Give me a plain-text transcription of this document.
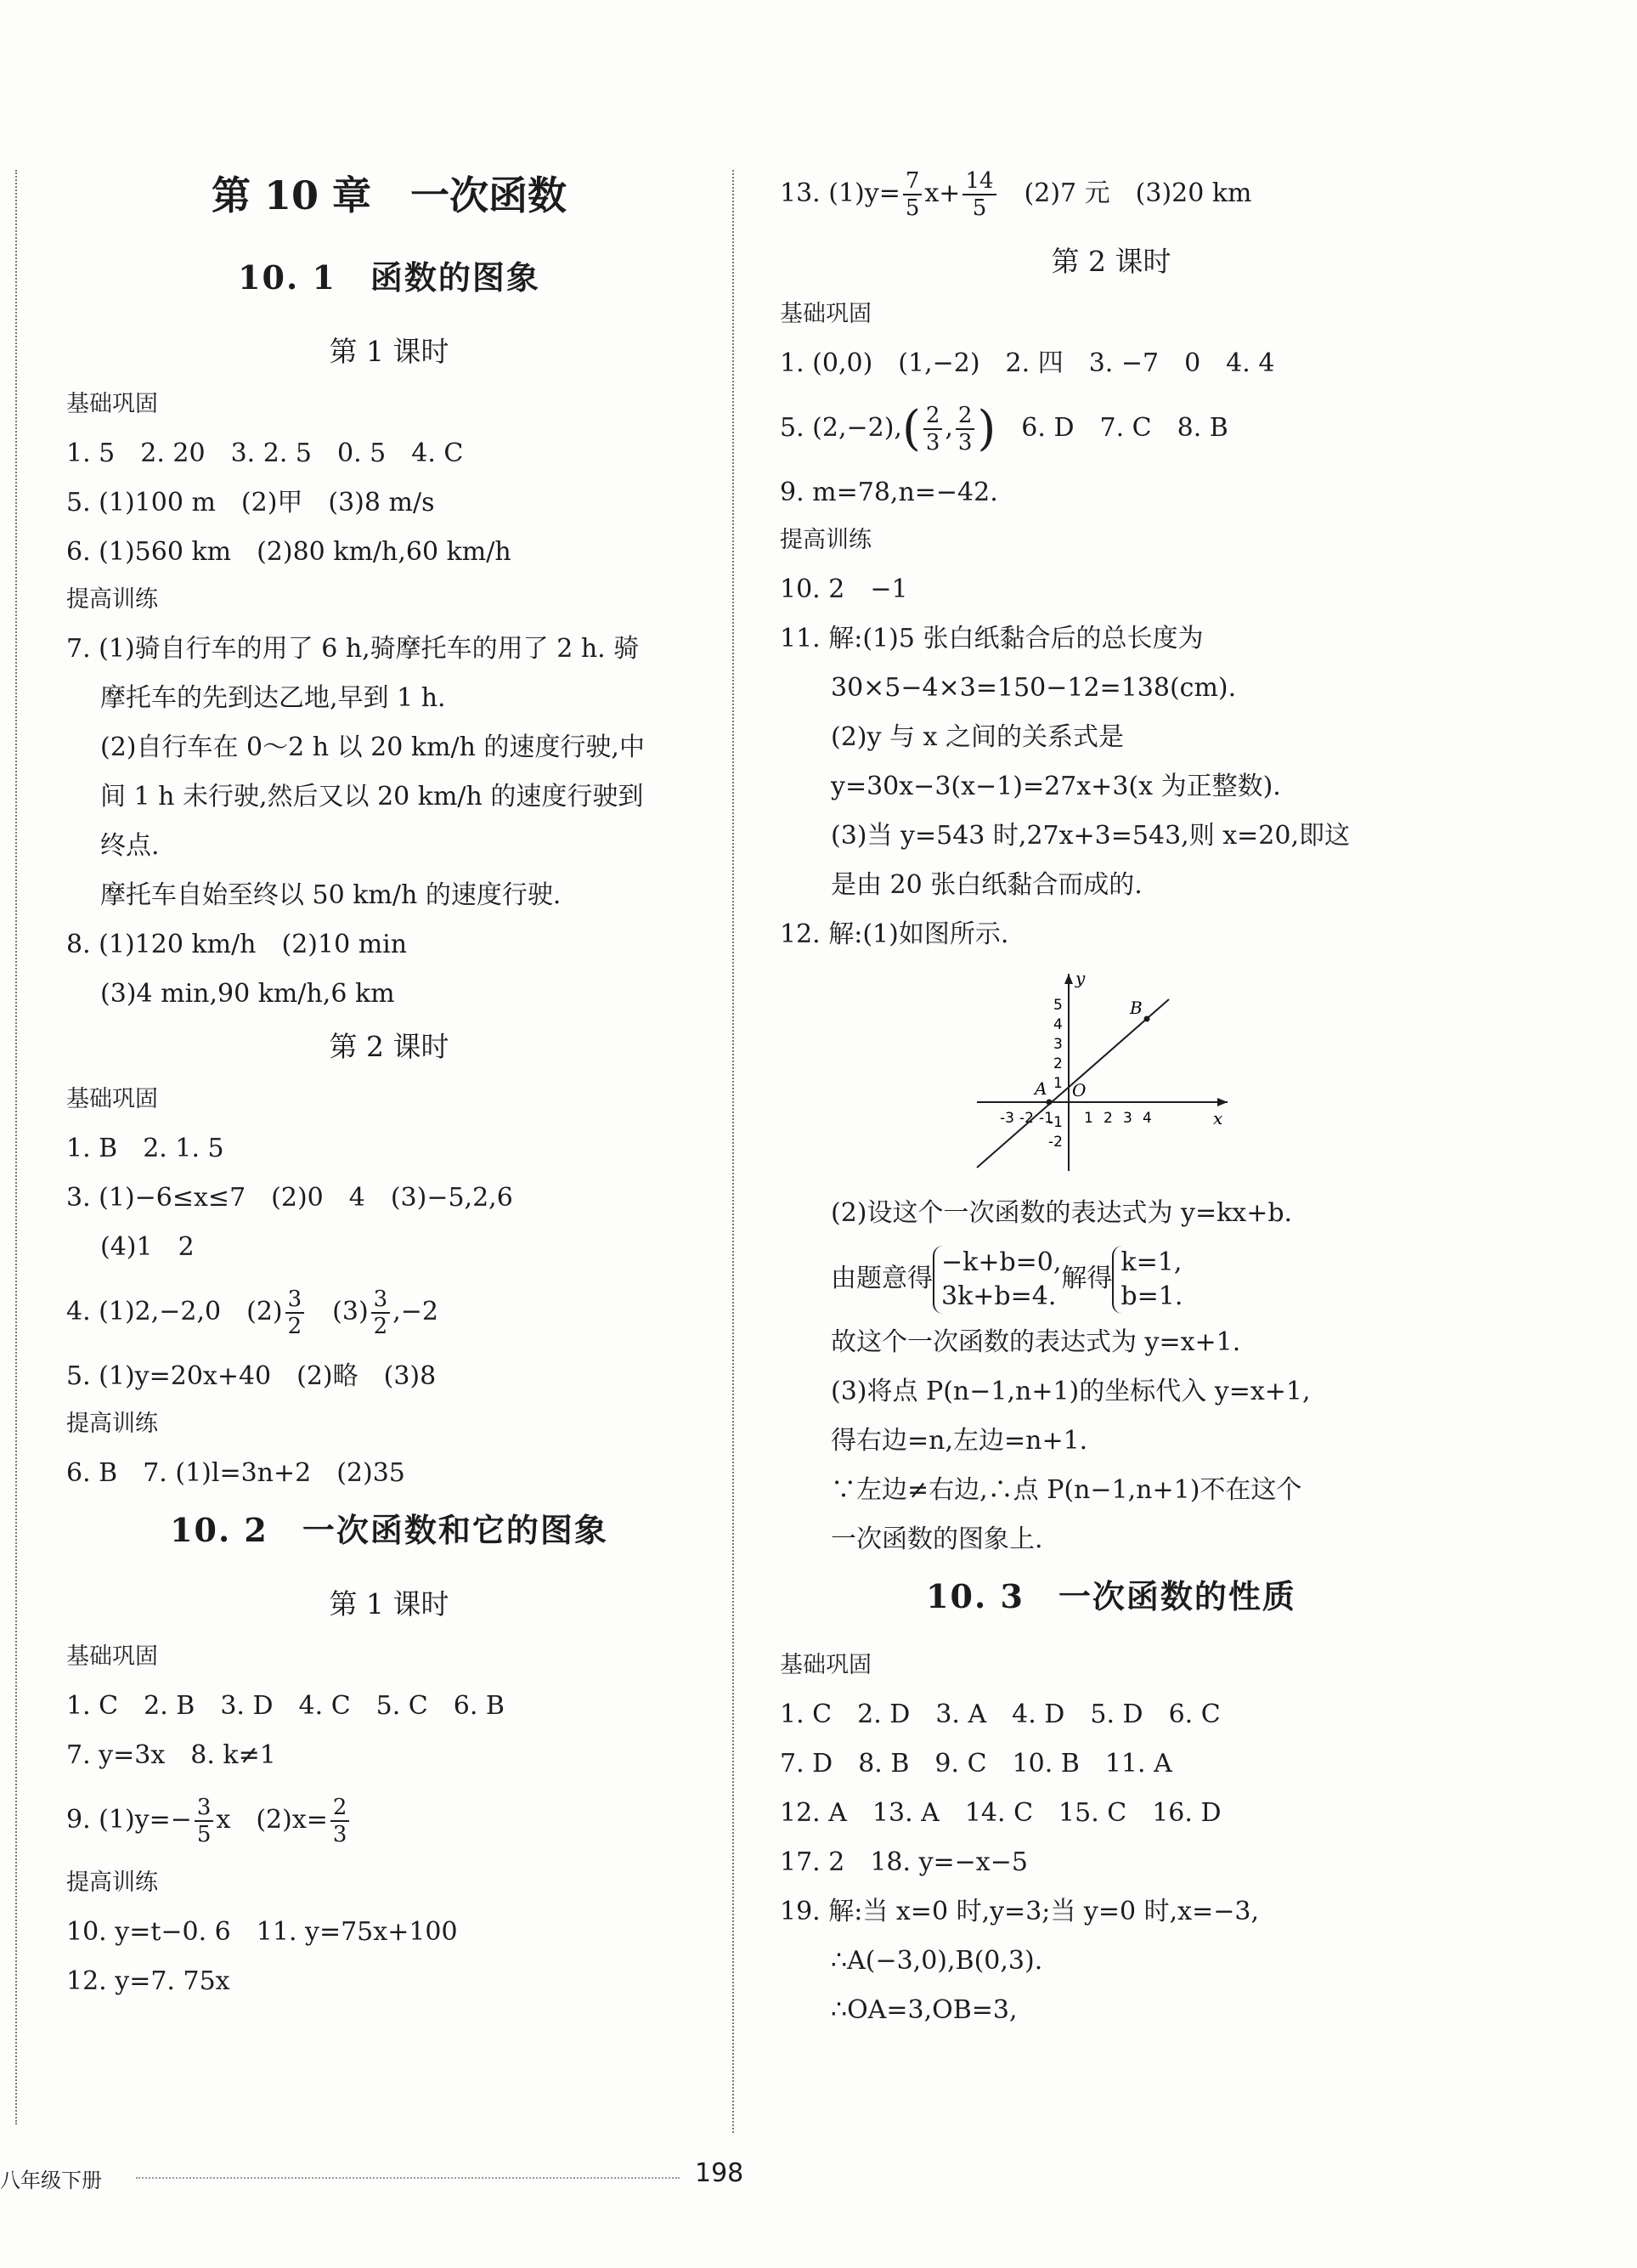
第 10 章　一次函数
10. 1　函数的图象
第 1 课时
基础巩固
1. 5　2. 20　3. 2. 5　0. 5　4. C
5. (1)100 m　(2)甲　(3)8 m/s
6. (1)560 km　(2)80 km/h,60 km/h
提高训练
7. (1)骑自行车的用了 6 h,骑摩托车的用了 2 h. 骑
摩托车的先到达乙地,早到 1 h.
(2)自行车在 0～2 h 以 20 km/h 的速度行驶,中
间 1 h 未行驶,然后又以 20 km/h 的速度行驶到
终点.
摩托车自始至终以 50 km/h 的速度行驶.
8. (1)120 km/h　(2)10 min
(3)4 min,90 km/h,6 km
第 2 课时
基础巩固
1. B　2. 1. 5
3. (1)−6≤x≤7　(2)0　4　(3)−5,2,6
(4)1　2
4. (1)2,−2,0　$(2) \frac{3}{2}$ 　$(3) \frac{3}{2} ,-2$
5. (1)y=20x+40　(2)略　(3)8
提高训练
6. B　7. (1)l=3n+2　(2)35
10. 2　一次函数和它的图象
第 1 课时
基础巩固
1. C　2. B　3. D　4. C　5. C　6. B
7. y=3x　8. k≠1
9. $(1)y=- \frac{3}{5}$ x　$(2)x= \frac{2}{3}$
提高训练
10. y=t−0. 6　11. y=75x+100
12. y=7. 75x
13. $(1)y= \frac{7}{5} x+ \frac{14}{5}$ 　(2)7 元　(3)20 km
第 2 课时
基础巩固
1. (0,0)　(1,−2)　2. 四　3. −7　0　4. 4
5. $(2,-2),( \frac{2}{3}$ , $\frac{2}{3}$ )　6. D　7. C　8. B
9. m=78,n=−42.
提高训练
10. 2　−1
11. 解:(1)5 张白纸黏合后的总长度为
30×5−4×3=150−12=138(cm).
(2)y 与 x 之间的关系式是
y=30x−3(x−1)=27x+3(x 为正整数).
(3)当 y=543 时,27x+3=543,则 x=20,即这
是由 20 张白纸黏合而成的.
12. 解:(1)如图所示.
y
x
O
A
B
5
4
3
2
1
-1
-2
-3 -2 -1 1 2 3 4
(2)设这个一次函数的表达式为 y=kx+b.
由题意得
−k+b=0,
3k+b=4.
解得
k=1,
b=1.
故这个一次函数的表达式为 y=x+1.
(3)将点 P(n−1,n+1)的坐标代入 y=x+1,
得右边=n,左边=n+1.
∵左边≠右边,∴点 P(n−1,n+1)不在这个
一次函数的图象上.
10. 3　一次函数的性质
基础巩固
1. C　2. D　3. A　4. D　5. D　6. C
7. D　8. B　9. C　10. B　11. A
12. A　13. A　14. C　15. C　16. D
17. 2　18. y=−x−5
19. 解:当 x=0 时,y=3;当 y=0 时,x=−3,
∴A(−3,0),B(0,3).
∴OA=3,OB=3,
八年级下册	198
